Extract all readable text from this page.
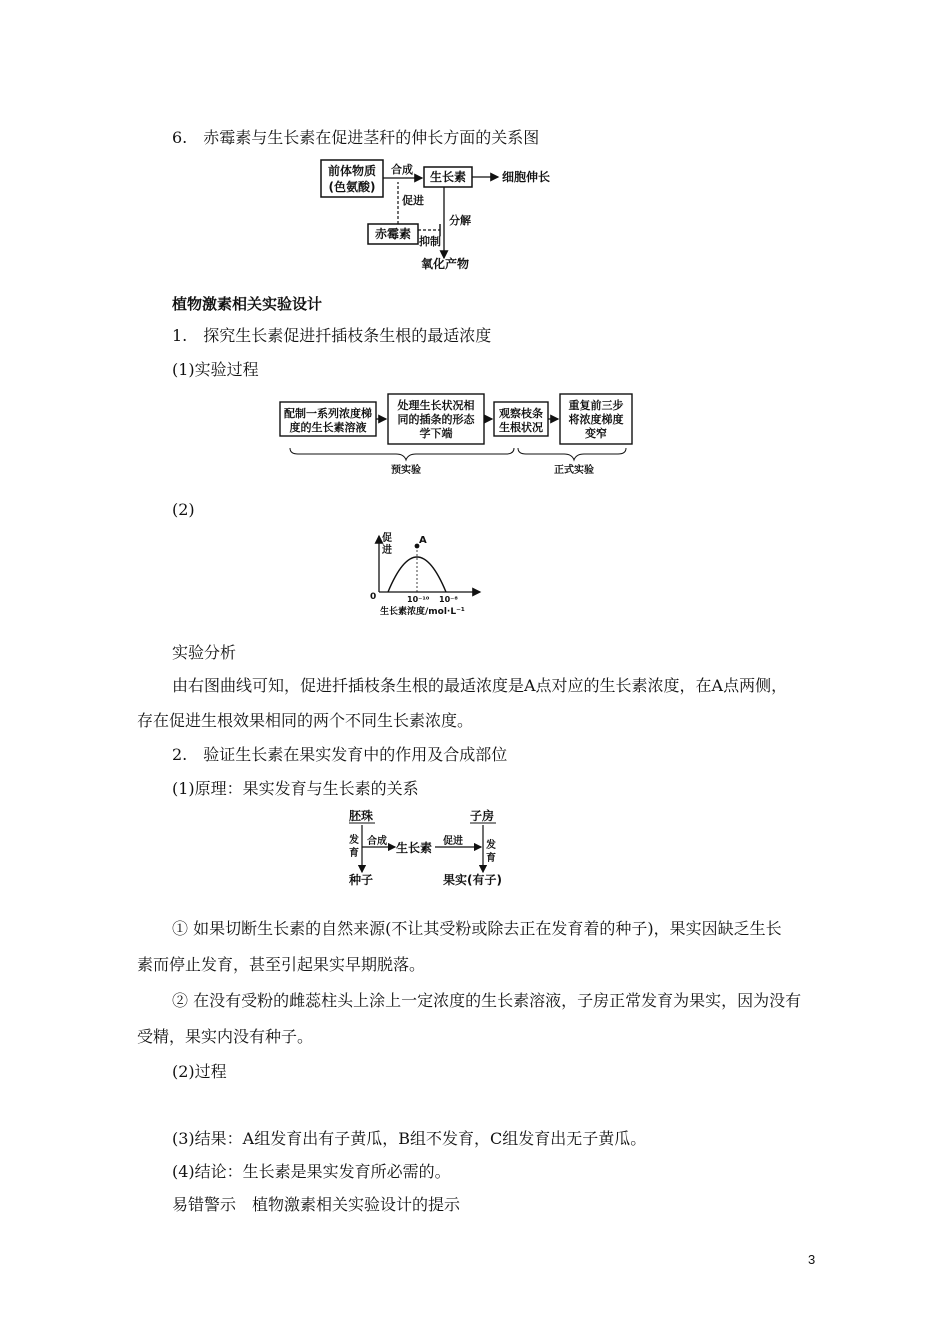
6.　赤霉素与生长素在促进茎秆的伸长方面的关系图
前体物质
(色氨酸)
合成
生长素	细胞伸长
促进
赤霉素
分解
抑制
氧化产物
植物激素相关实验设计
1.　探究生长素促进扦插枝条生根的最适浓度
(1)实验过程
配制一系列浓度梯
度的生长素溶液
处理生长状况相
同的插条的形态
学下端
观察枝条
生根状况
重复前三步
将浓度梯度
变窄
预实验	正式实验
(2)
促
进
A
0	10⁻¹⁰ 10⁻⁸
生长素浓度/mol·L⁻¹
实验分析
由右图曲线可知，促进扦插枝条生根的最适浓度是A点对应的生长素浓度，在A点两侧，
存在促进生根效果相同的两个不同生长素浓度。
2.　验证生长素在果实发育中的作用及合成部位
(1)原理：果实发育与生长素的关系
胚珠	子房
发
育
合成 生长素 促进 发
育
种子	果实(有子)
① 如果切断生长素的自然来源(不让其受粉或除去正在发育着的种子)，果实因缺乏生长
素而停止发育，甚至引起果实早期脱落。
② 在没有受粉的雌蕊柱头上涂上一定浓度的生长素溶液，子房正常发育为果实，因为没有
受精，果实内没有种子。
(2)过程
(3)结果：A组发育出有子黄瓜，B组不发育，C组发育出无子黄瓜。
(4)结论：生长素是果实发育所必需的。
易错警示　植物激素相关实验设计的提示
3
